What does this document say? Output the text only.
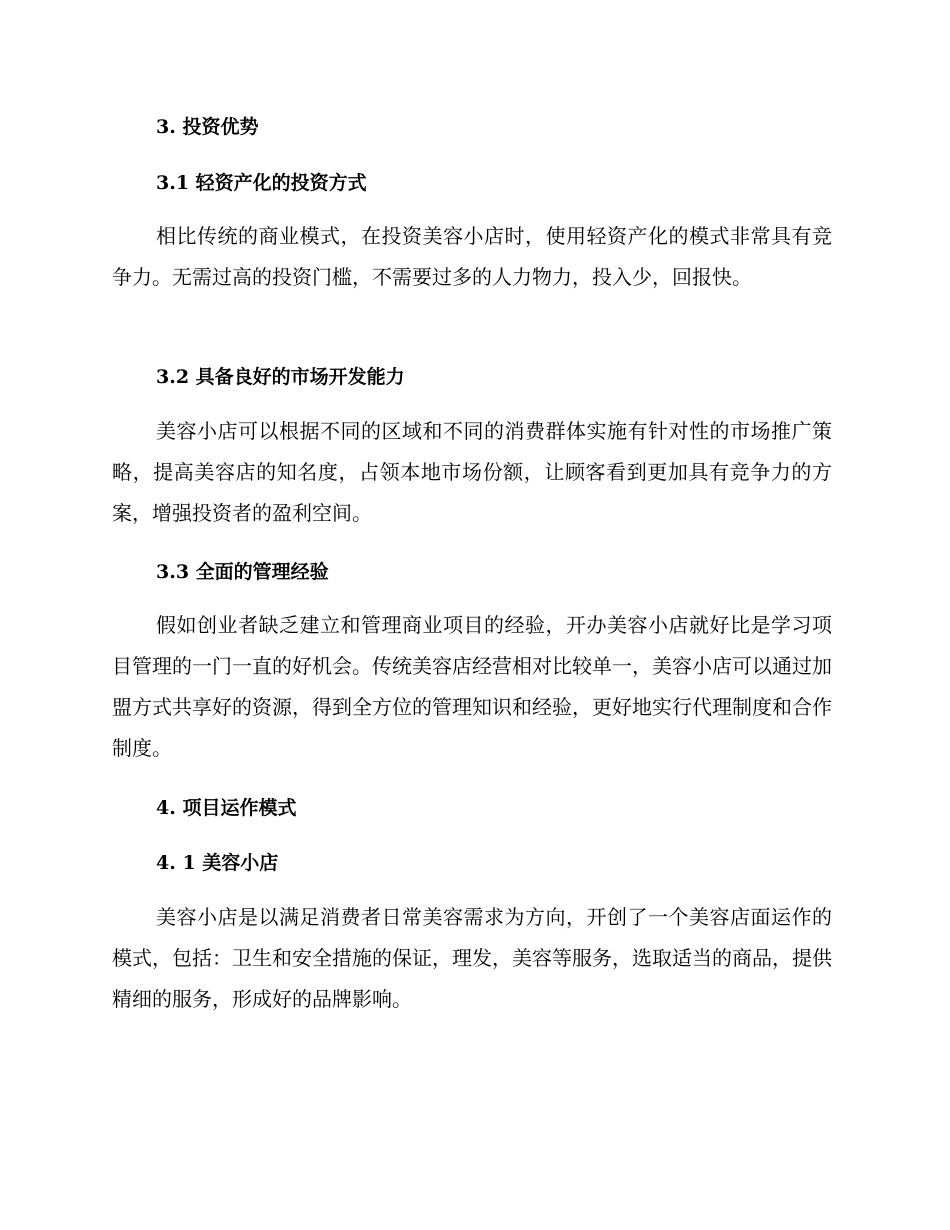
3. 投资优势
3.1 轻资产化的投资方式

相比传统的商业模式，在投资美容小店时，使用轻资产化的模式非常具有竞争力。无需过高的投资门槛，不需要过多的人力物力，投入少，回报快。

3.2 具备良好的市场开发能力

美容小店可以根据不同的区域和不同的消费群体实施有针对性的市场推广策略，提高美容店的知名度，占领本地市场份额，让顾客看到更加具有竞争力的方案，增强投资者的盈利空间。

3.3 全面的管理经验

假如创业者缺乏建立和管理商业项目的经验，开办美容小店就好比是学习项目管理的一门一直的好机会。传统美容店经营相对比较单一，美容小店可以通过加盟方式共享好的资源，得到全方位的管理知识和经验，更好地实行代理制度和合作制度。

4. 项目运作模式
4. 1 美容小店

美容小店是以满足消费者日常美容需求为方向，开创了一个美容店面运作的模式，包括：卫生和安全措施的保证，理发，美容等服务，选取适当的商品，提供精细的服务，形成好的品牌影响。
